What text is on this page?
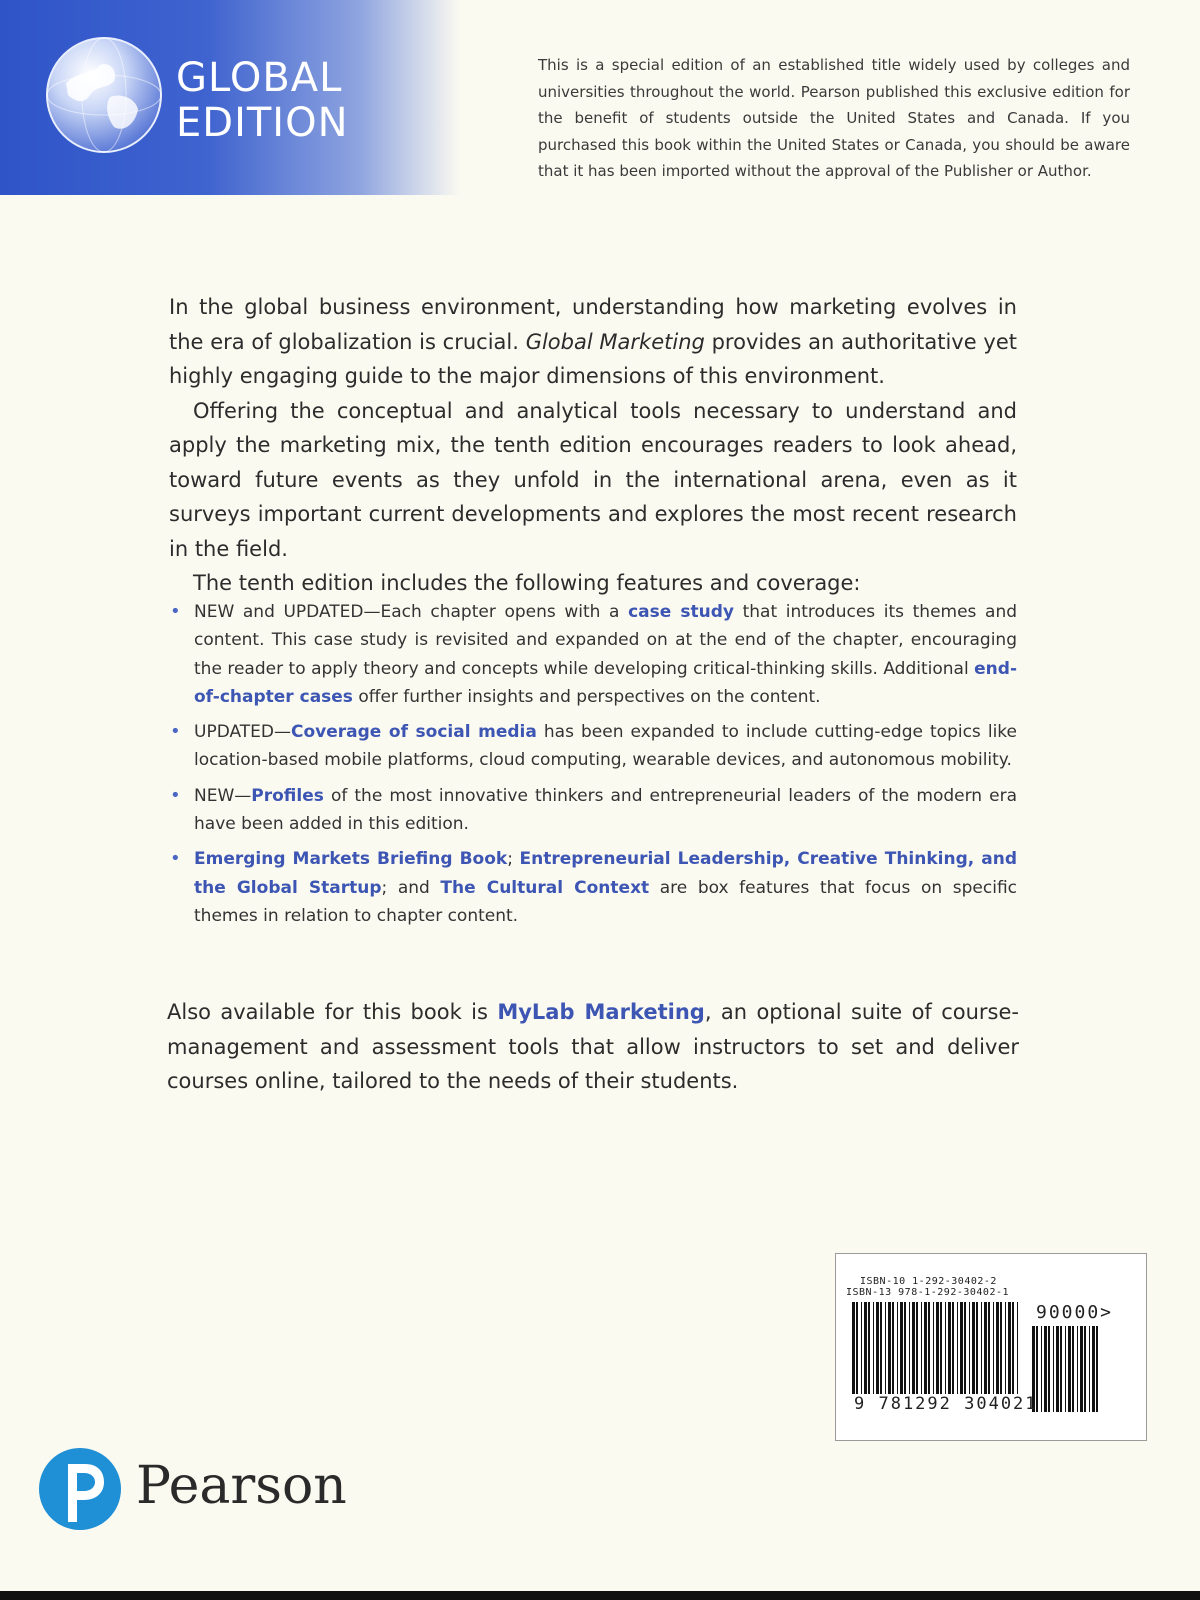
GLOBAL
EDITION
This is a special edition of an established title widely used by colleges and universities throughout the world. Pearson published this exclusive edition for the benefit of students outside the United States and Canada. If you purchased this book within the United States or Canada, you should be aware that it has been imported without the approval of the Publisher or Author.

In the global business environment, understanding how marketing evolves in the era of globalization is crucial. Global Marketing provides an authoritative yet highly engaging guide to the major dimensions of this environment.

Offering the conceptual and analytical tools necessary to understand and apply the marketing mix, the tenth edition encourages readers to look ahead, toward future events as they unfold in the international arena, even as it surveys important current developments and explores the most recent research in the field.

The tenth edition includes the following features and coverage:

• NEW and UPDATED—Each chapter opens with a case study that introduces its themes and content. This case study is revisited and expanded on at the end of the chapter, encouraging the reader to apply theory and concepts while developing critical-thinking skills. Additional end-of-chapter cases offer further insights and perspectives on the content.
• UPDATED—Coverage of social media has been expanded to include cutting-edge topics like location-based mobile platforms, cloud computing, wearable devices, and autonomous mobility.
• NEW—Profiles of the most innovative thinkers and entrepreneurial leaders of the modern era have been added in this edition.
• Emerging Markets Briefing Book; Entrepreneurial Leadership, Creative Thinking, and the Global Startup; and The Cultural Context are box features that focus on specific themes in relation to chapter content.

Also available for this book is MyLab Marketing, an optional suite of course-management and assessment tools that allow instructors to set and deliver courses online, tailored to the needs of their students.

Pearson
ISBN-10 1-292-30402-2
ISBN-13 978-1-292-30402-1
90000>
9 781292 304021
